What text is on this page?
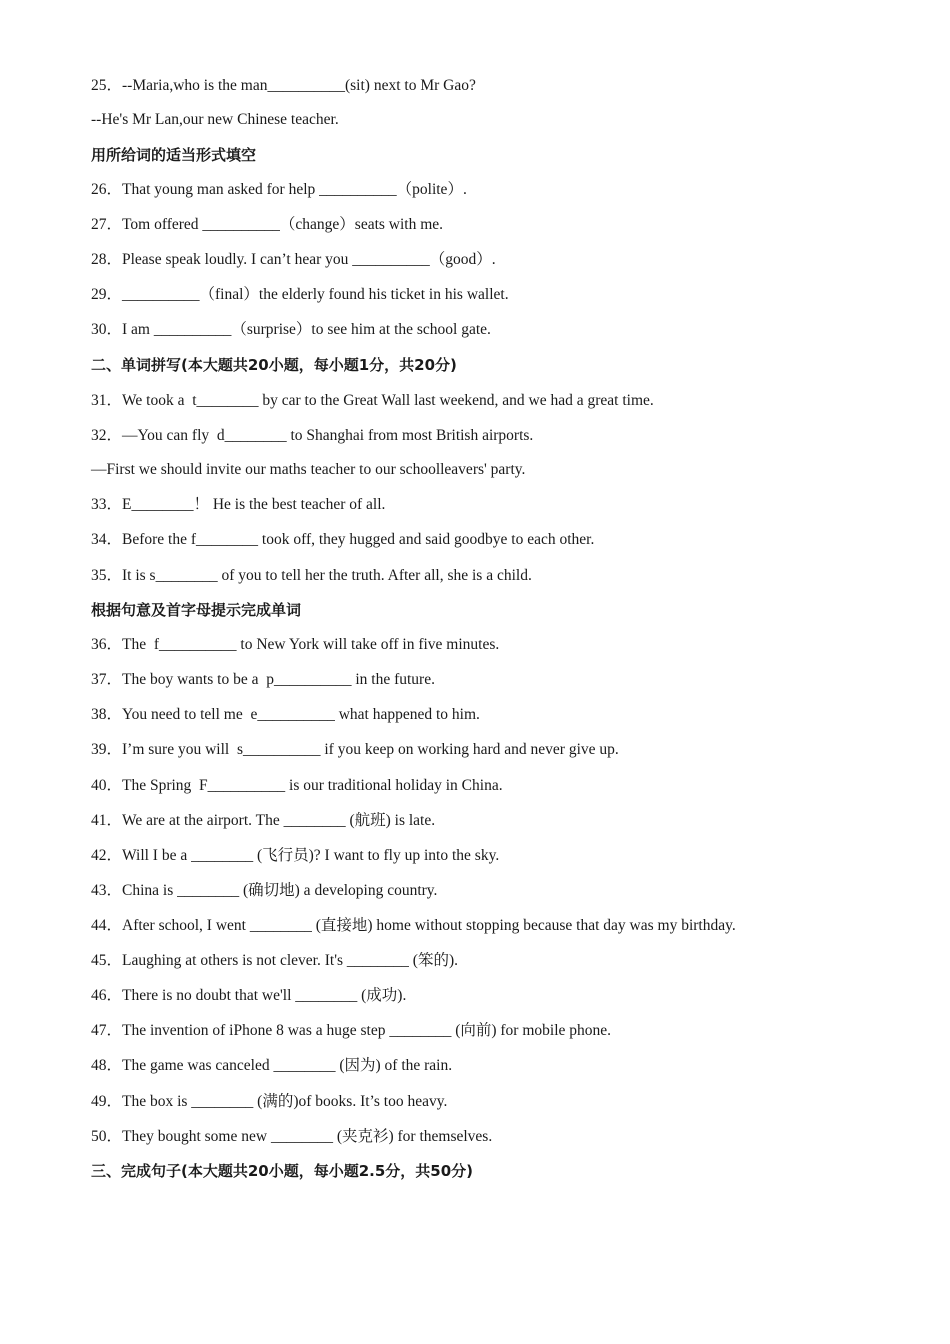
25．--Maria,who is the man__________(sit) next to Mr Gao?
--He's Mr Lan,our new Chinese teacher.
用所给词的适当形式填空
26．That young man asked for help __________（polite）.
27．Tom offered __________（change）seats with me.
28．Please speak loudly. I can’t hear you __________（good）.
29．__________（final）the elderly found his ticket in his wallet.
30．I am __________（surprise）to see him at the school gate.
二、单词拼写(本大题共20小题，每小题1分，共20分)
31．We took a  t________ by car to the Great Wall last weekend, and we had a great time.
32．—You can fly  d________ to Shanghai from most British airports.
—First we should invite our maths teacher to our schoolleavers' party.
33．E________！ He is the best teacher of all.
34．Before the f________ took off, they hugged and said goodbye to each other.
35．It is s________ of you to tell her the truth. After all, she is a child.
根据句意及首字母提示完成单词
36．The  f__________ to New York will take off in five minutes.
37．The boy wants to be a  p__________ in the future.
38．You need to tell me  e__________ what happened to him.
39．I’m sure you will  s__________ if you keep on working hard and never give up.
40．The Spring  F__________ is our traditional holiday in China.
41．We are at the airport. The ________ (航班) is late.
42．Will I be a ________ (飞行员)? I want to fly up into the sky.
43．China is ________ (确切地) a developing country.
44．After school, I went ________ (直接地) home without stopping because that day was my birthday.
45．Laughing at others is not clever. It's ________ (笨的).
46．There is no doubt that we'll ________ (成功).
47．The invention of iPhone 8 was a huge step ________ (向前) for mobile phone.
48．The game was canceled ________ (因为) of the rain.
49．The box is ________ (满的)of books. It’s too heavy.
50．They bought some new ________ (夹克衫) for themselves.
三、完成句子(本大题共20小题，每小题2.5分，共50分)
